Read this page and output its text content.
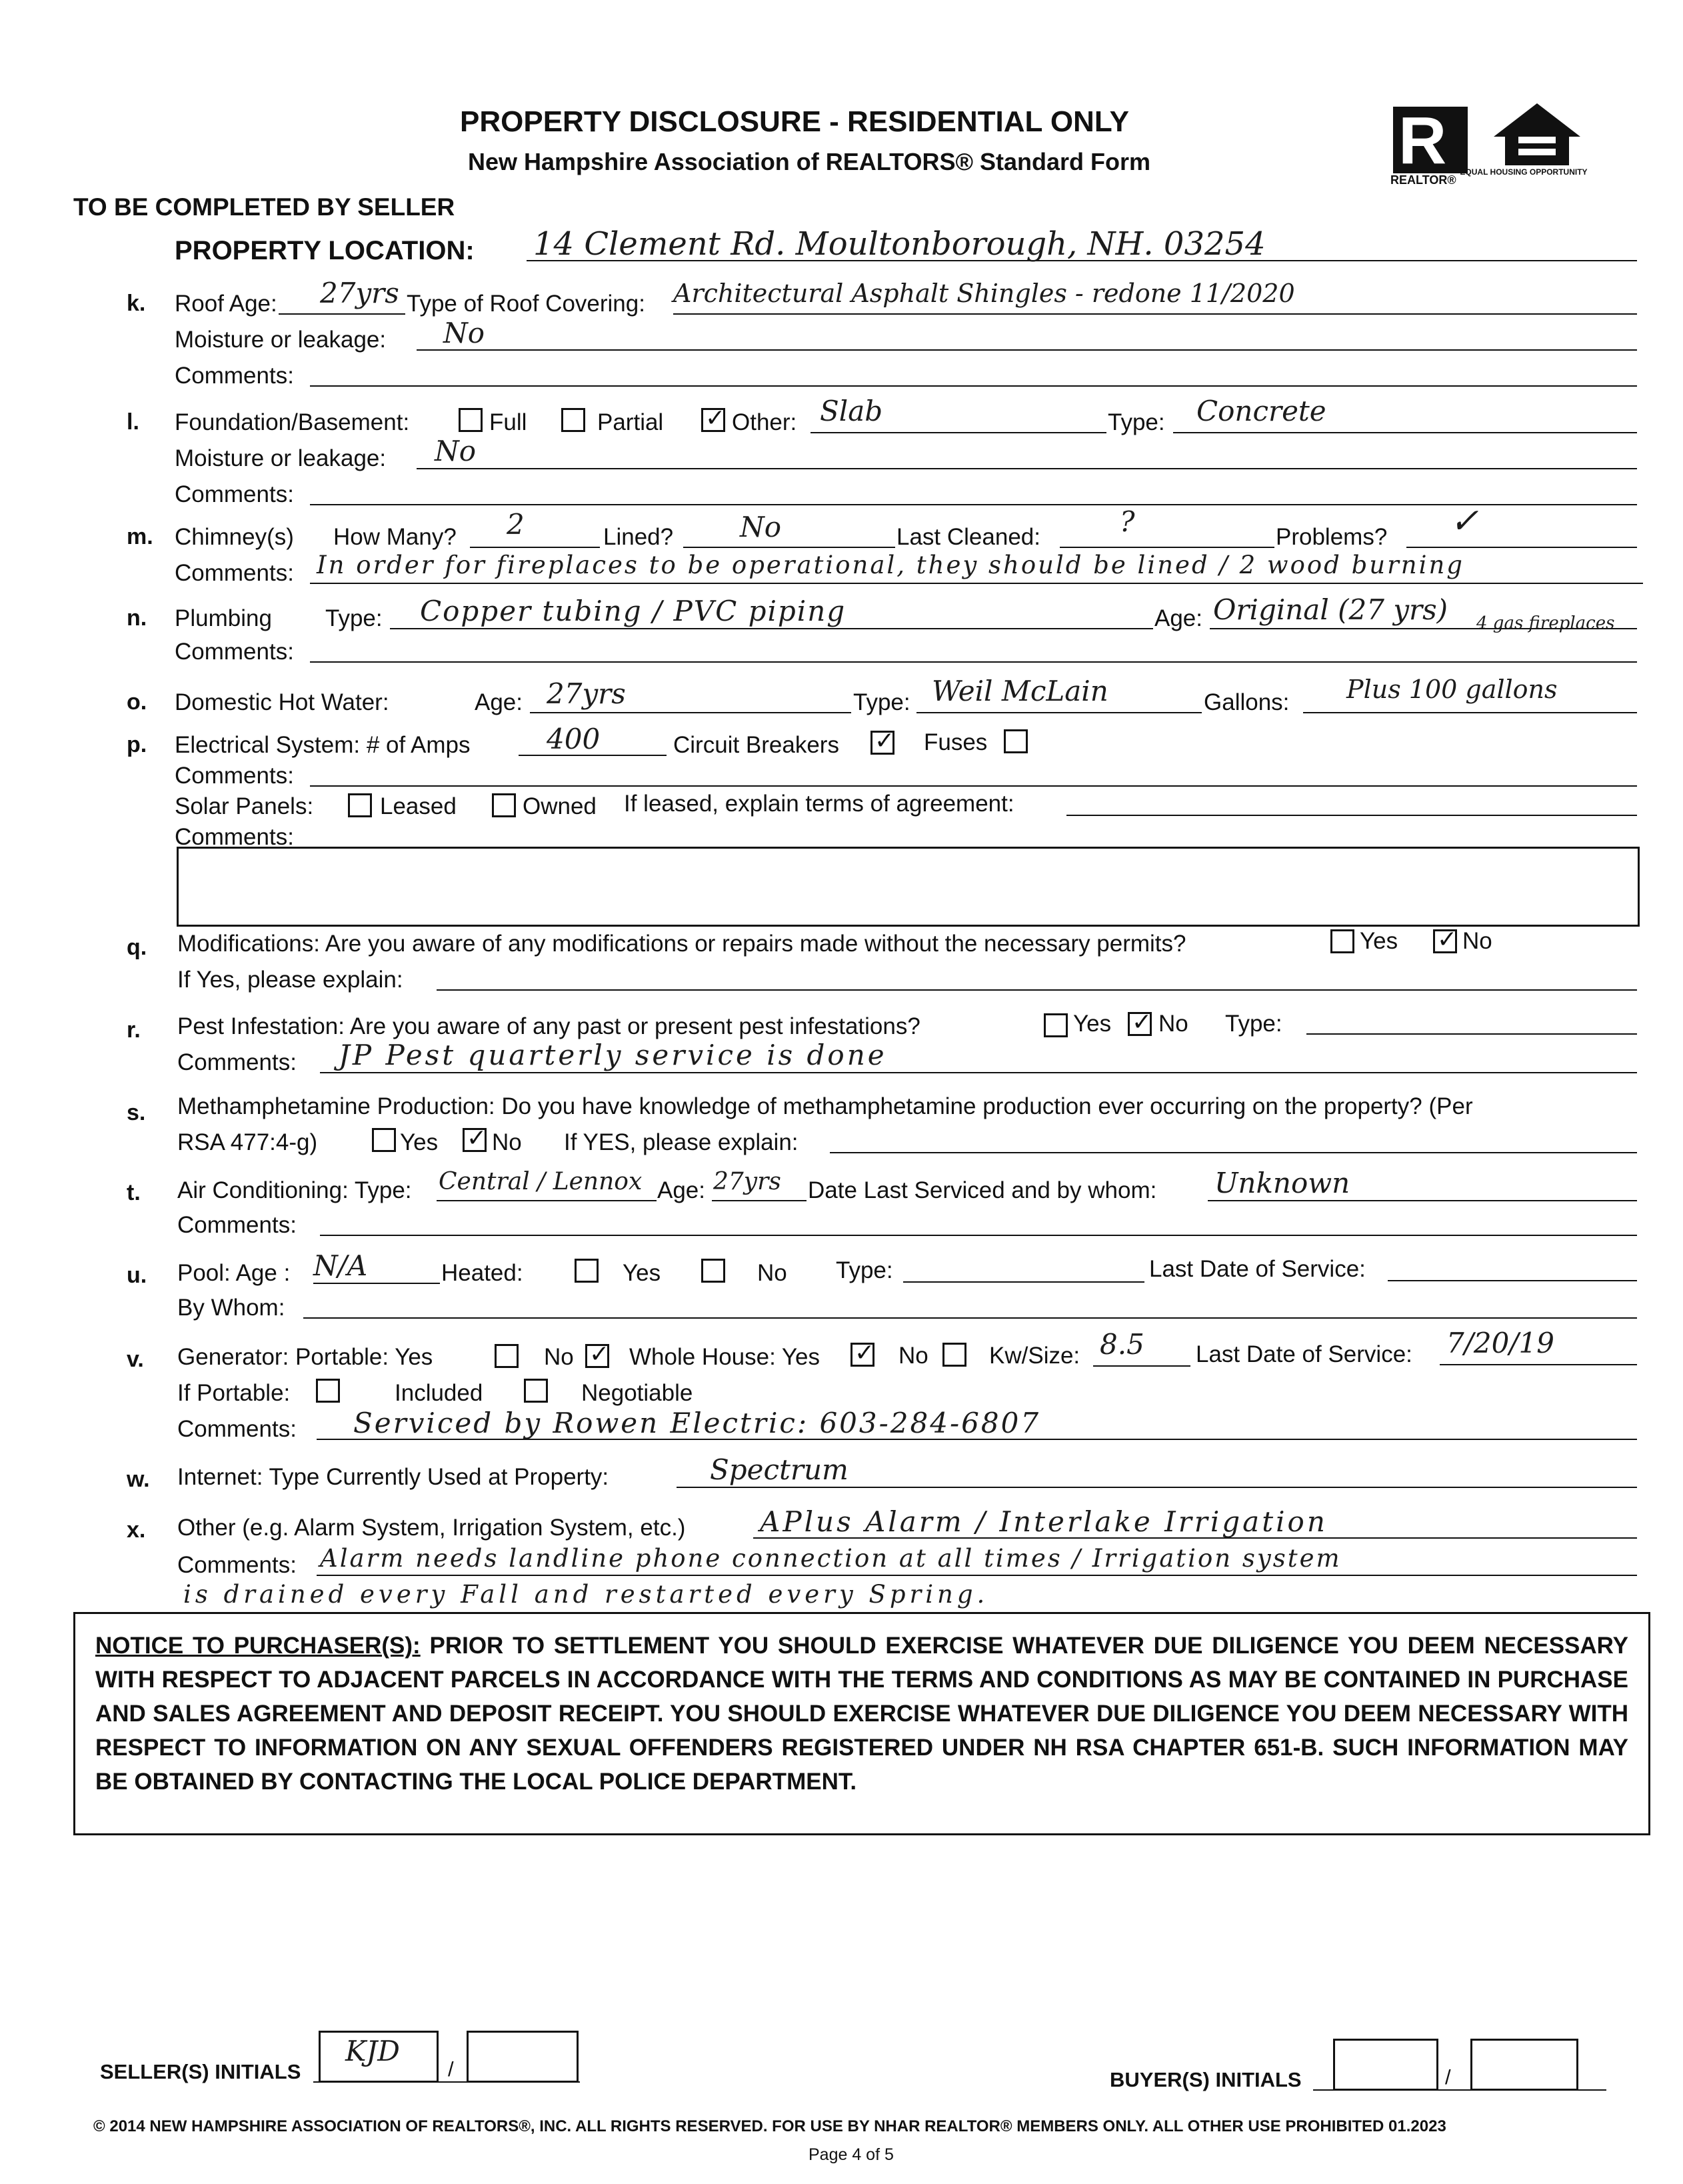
PROPERTY DISCLOSURE - RESIDENTIAL ONLY
New Hampshire Association of REALTORS® Standard Form	R
REALTOR®
EQUAL HOUSING OPPORTUNITY
TO BE COMPLETED BY SELLER
PROPERTY LOCATION: 14 Clement Rd. Moultonborough, NH. 03254
k. Roof Age: 27yrs Type of Roof Covering: Architectural Asphalt Shingles - redone 11/2020
Moisture or leakage: No
Comments:
l. Foundation/Basement:	Full	Partial ✓	Other: Slab	Type: Concrete
Moisture or leakage: No
Comments:
m. Chimney(s) How Many? 2	Lined? No	Last Cleaned:	?	Problems? ✓
Comments: In order for fireplaces to be operational, they should be lined / 2 wood burning
4 gas fireplaces
n. Plumbing Type: Copper tubing / PVC piping	Age: Original (27 yrs)
Comments:
o. Domestic Hot Water:	Age: 27yrs	Type: Weil McLain	Gallons: Plus 100 gallons
p. Electrical System: # of Amps	400	Circuit Breakers ✓	Fuses
Comments:
Solar Panels:	Leased	Owned If leased, explain terms of agreement:
Comments:
q. Modifications: Are you aware of any modifications or repairs made without the necessary permits?	Yes ✓	No
If Yes, please explain:
r. Pest Infestation: Are you aware of any past or present pest infestations?	Yes ✓ No Type:
Comments: JP Pest quarterly service is done
s. Methamphetamine Production: Do you have knowledge of methamphetamine production ever occurring on the property? (Per
RSA 477:4-g)	Yes ✓ No If YES, please explain:
t. Air Conditioning: Type: Central / Lennox Age: 27yrs Date Last Serviced and by whom: Unknown
Comments:
u. Pool: Age : N/A	Heated:	Yes	No Type:	Last Date of Service:
By Whom:
v. Generator: Portable: Yes	No ✓ Whole House: Yes ✓	No	Kw/Size: 8.5 Last Date of Service: 7/20/19
If Portable:	Included	Negotiable
Comments: Serviced by Rowen Electric: 603-284-6807
w. Internet: Type Currently Used at Property:	Spectrum
x. Other (e.g. Alarm System, Irrigation System, etc.)	APlus Alarm / Interlake Irrigation
Comments: Alarm needs landline phone connection at all times / Irrigation system
is drained every Fall and restarted every Spring.
NOTICE TO PURCHASER(S): PRIOR TO SETTLEMENT YOU SHOULD EXERCISE WHATEVER DUE DILIGENCE YOU DEEM NECESSARY WITH RESPECT TO ADJACENT PARCELS IN ACCORDANCE WITH THE TERMS AND CONDITIONS AS MAY BE CONTAINED IN PURCHASE AND SALES AGREEMENT AND DEPOSIT RECEIPT. YOU SHOULD EXERCISE WHATEVER DUE DILIGENCE YOU DEEM NECESSARY WITH RESPECT TO INFORMATION ON ANY SEXUAL OFFENDERS REGISTERED UNDER NH RSA CHAPTER 651-B. SUCH INFORMATION MAY BE OBTAINED BY CONTACTING THE LOCAL POLICE DEPARTMENT.
SELLER(S) INITIALS
KJD
/	BUYER(S) INITIALS	/
© 2014 NEW HAMPSHIRE ASSOCIATION OF REALTORS®, INC. ALL RIGHTS RESERVED. FOR USE BY NHAR REALTOR® MEMBERS ONLY. ALL OTHER USE PROHIBITED 01.2023
Page 4 of 5
